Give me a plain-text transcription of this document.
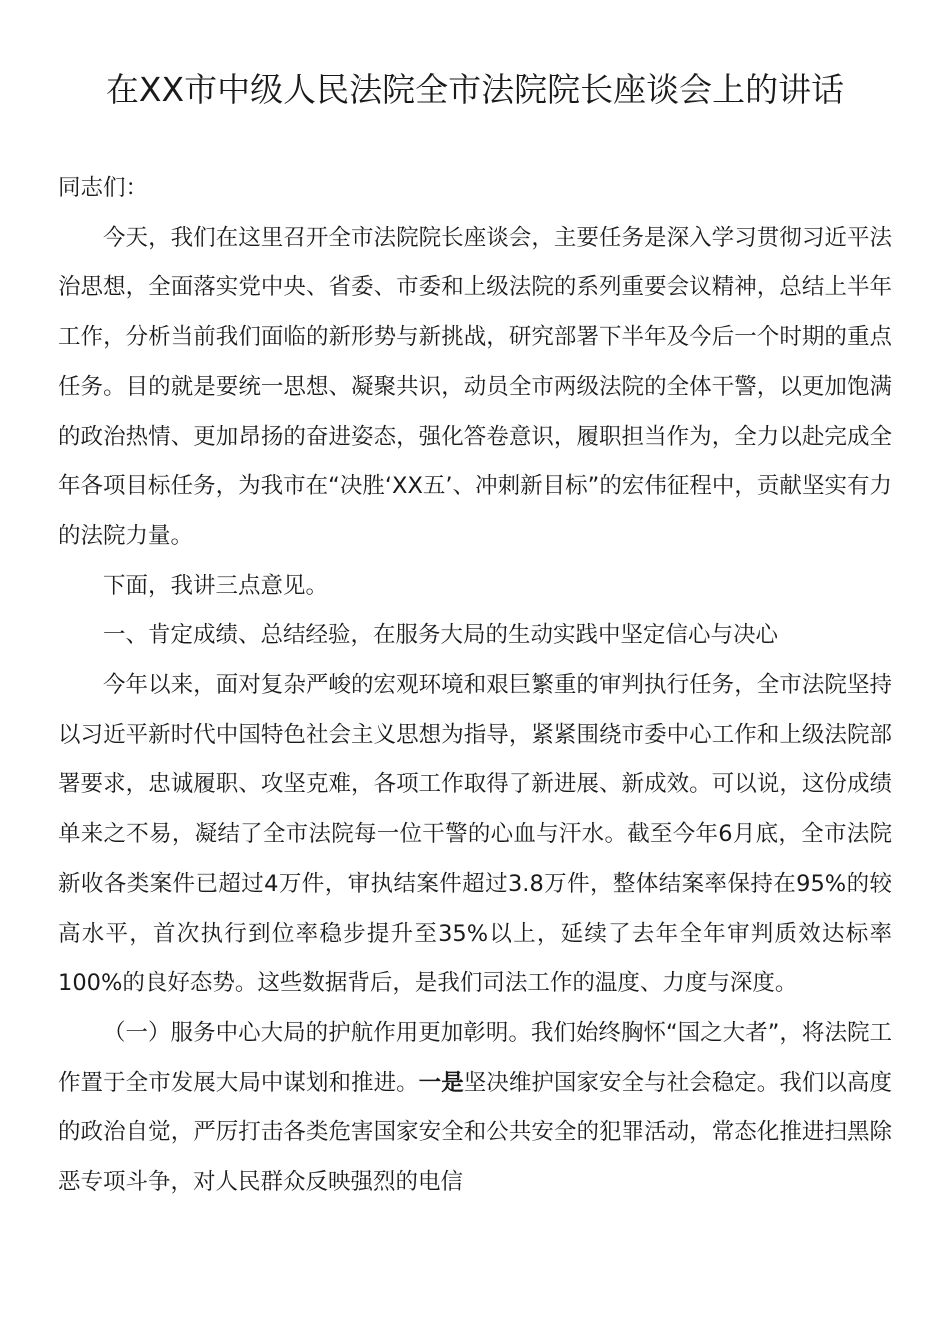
在XX市中级人民法院全市法院院长座谈会上的讲话

同志们：

今天，我们在这里召开全市法院院长座谈会，主要任务是深入学习贯彻习近平法治思想，全面落实党中央、省委、市委和上级法院的系列重要会议精神，总结上半年工作，分析当前我们面临的新形势与新挑战，研究部署下半年及今后一个时期的重点任务。目的就是要统一思想、凝聚共识，动员全市两级法院的全体干警，以更加饱满的政治热情、更加昂扬的奋进姿态，强化答卷意识，履职担当作为，全力以赴完成全年各项目标任务，为我市在“决胜‘XX五’、冲刺新目标”的宏伟征程中，贡献坚实有力的法院力量。

下面，我讲三点意见。

一、肯定成绩、总结经验，在服务大局的生动实践中坚定信心与决心

今年以来，面对复杂严峻的宏观环境和艰巨繁重的审判执行任务，全市法院坚持以习近平新时代中国特色社会主义思想为指导，紧紧围绕市委中心工作和上级法院部署要求，忠诚履职、攻坚克难，各项工作取得了新进展、新成效。可以说，这份成绩单来之不易，凝结了全市法院每一位干警的心血与汗水。截至今年6月底，全市法院新收各类案件已超过4万件，审执结案件超过3.8万件，整体结案率保持在95%的较高水平，首次执行到位率稳步提升至35%以上，延续了去年全年审判质效达标率100%的良好态势。这些数据背后，是我们司法工作的温度、力度与深度。

（一）服务中心大局的护航作用更加彰明。我们始终胸怀“国之大者”，将法院工作置于全市发展大局中谋划和推进。一是坚决维护国家安全与社会稳定。我们以高度的政治自觉，严厉打击各类危害国家安全和公共安全的犯罪活动，常态化推进扫黑除恶专项斗争，对人民群众反映强烈的电信
